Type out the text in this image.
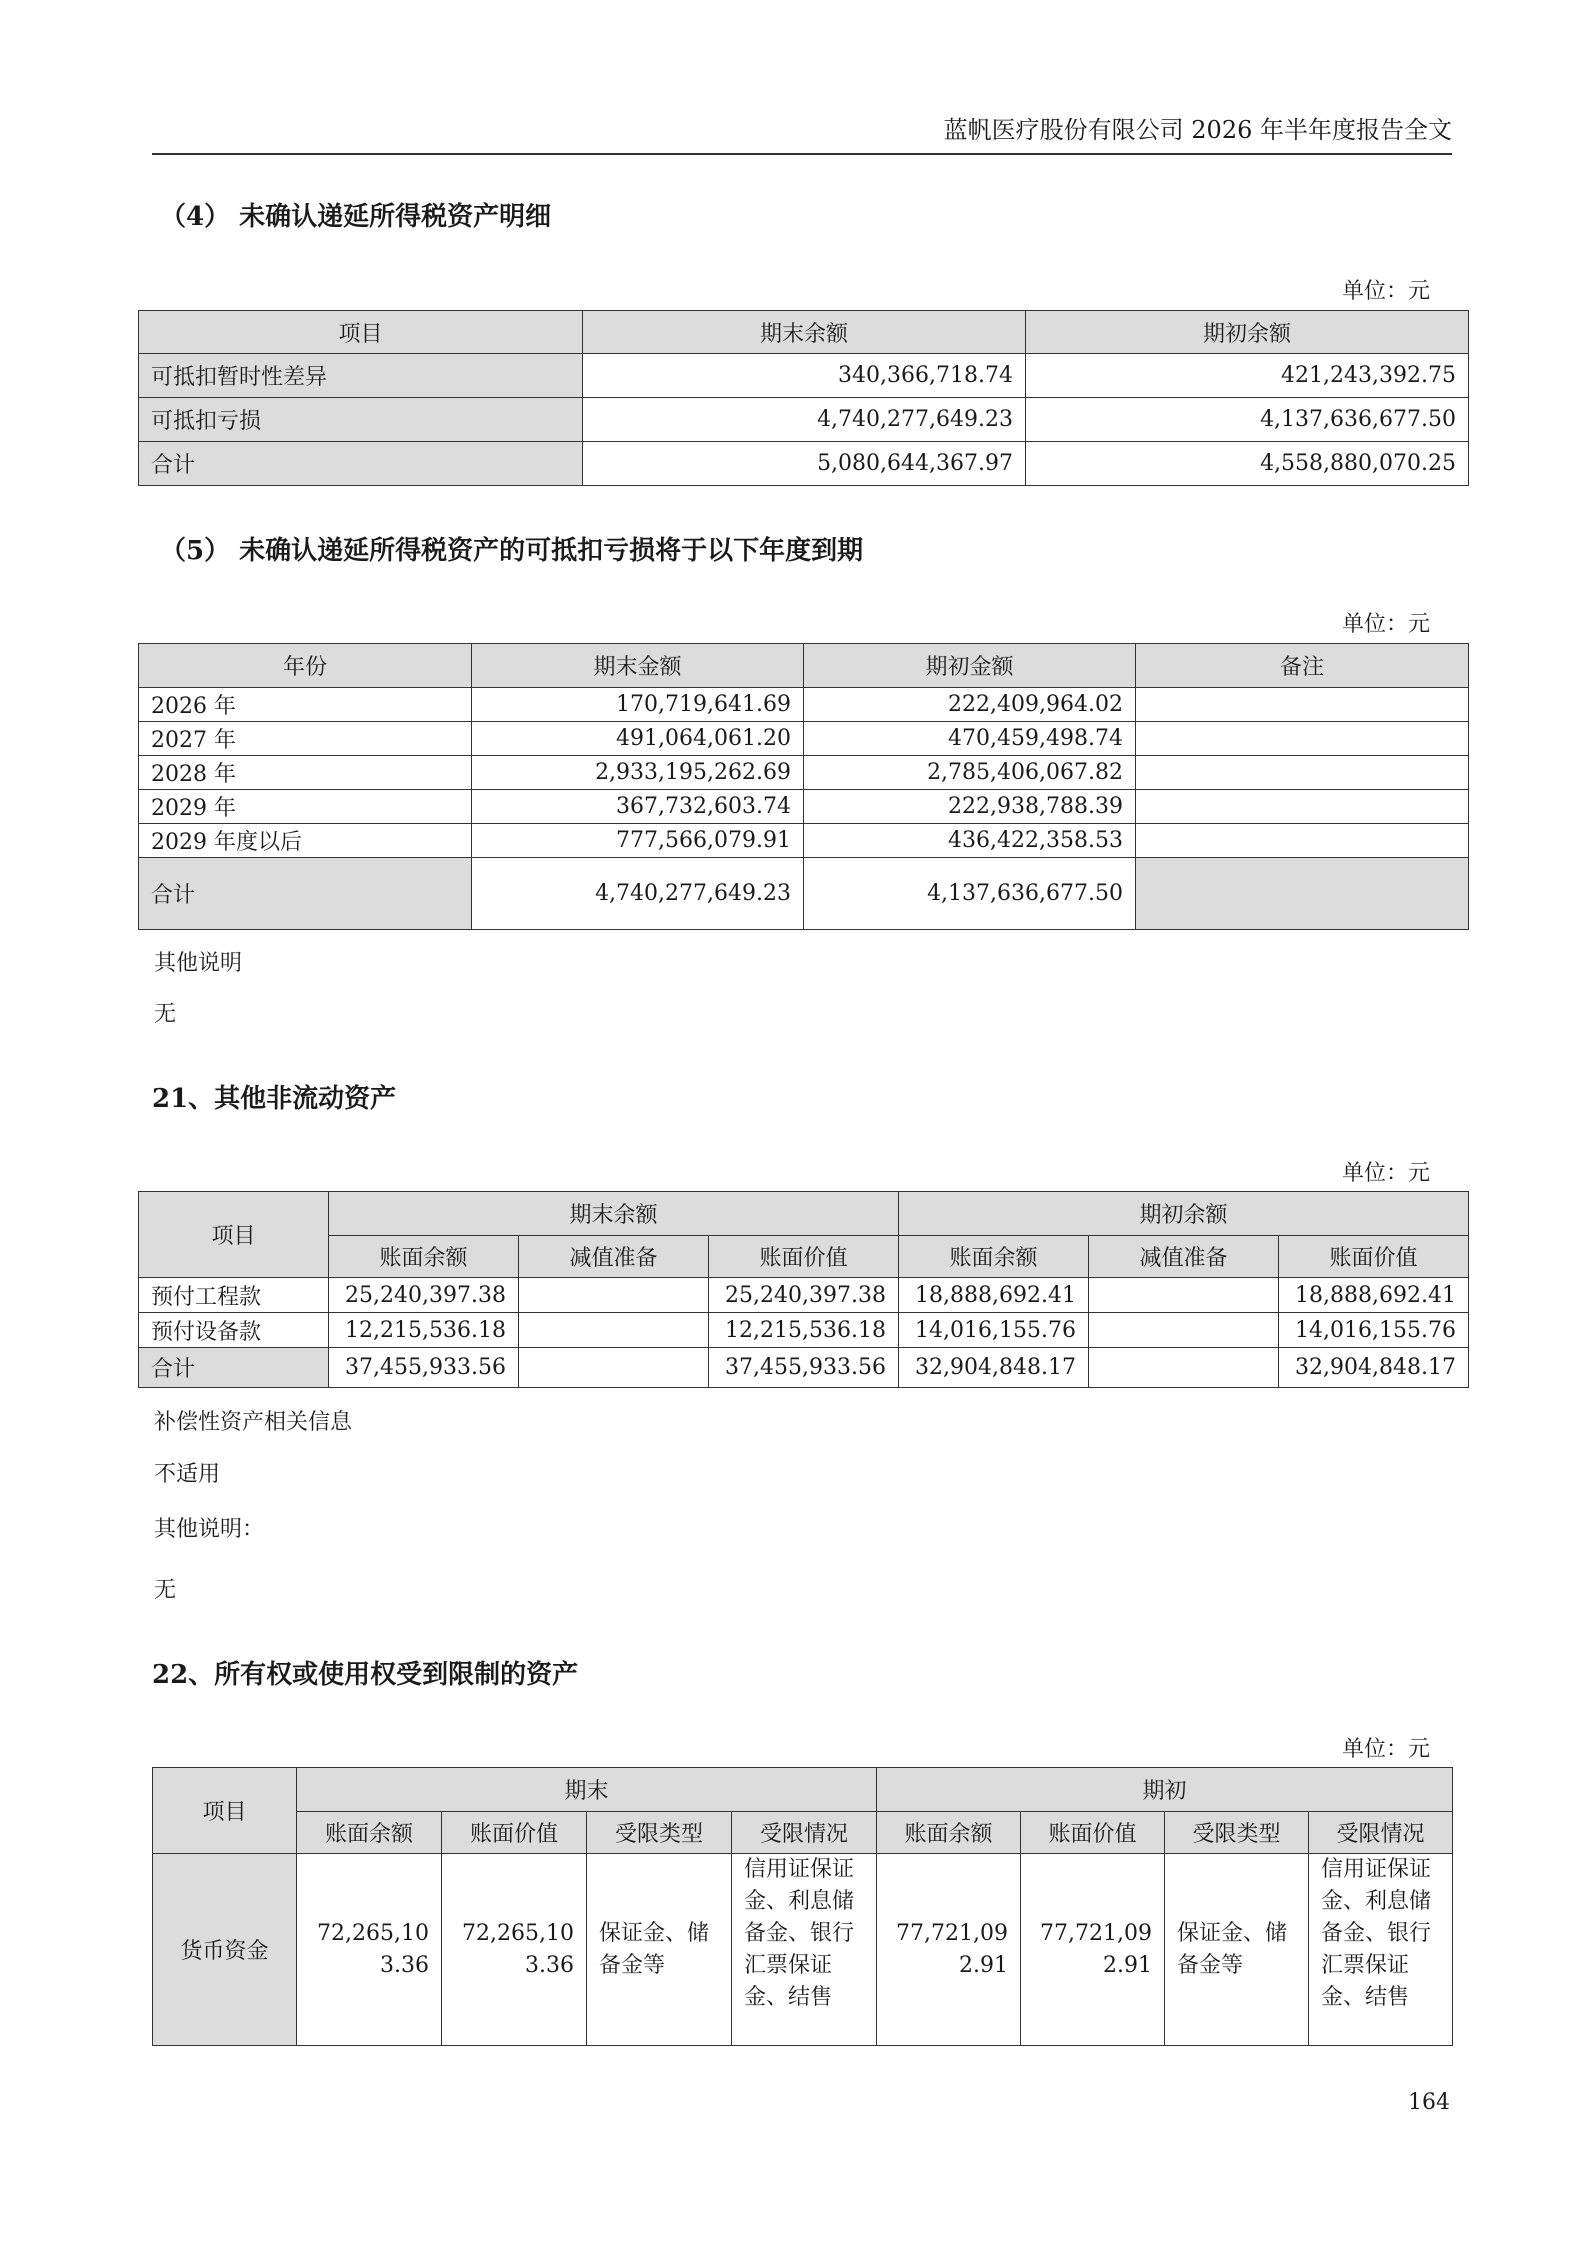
蓝帆医疗股份有限公司 2026 年半年度报告全文
（4） 未确认递延所得税资产明细
单位：元
项目	期末余额	期初余额
可抵扣暂时性差异	340,366,718.74	421,243,392.75
可抵扣亏损	4,740,277,649.23	4,137,636,677.50
合计	5,080,644,367.97	4,558,880,070.25
（5） 未确认递延所得税资产的可抵扣亏损将于以下年度到期
单位：元
年份	期末金额	期初金额	备注
2026 年	170,719,641.69	222,409,964.02	
2027 年	491,064,061.20	470,459,498.74	
2028 年	2,933,195,262.69	2,785,406,067.82	
2029 年	367,732,603.74	222,938,788.39	
2029 年度以后	777,566,079.91	436,422,358.53	
合计	4,740,277,649.23	4,137,636,677.50	
其他说明
无
21、其他非流动资产
单位：元
项目	期末余额			期初余额		
	账面余额	减值准备	账面价值	账面余额	减值准备	账面价值
预付工程款	25,240,397.38		25,240,397.38	18,888,692.41		18,888,692.41
预付设备款	12,215,536.18		12,215,536.18	14,016,155.76		14,016,155.76
合计	37,455,933.56		37,455,933.56	32,904,848.17		32,904,848.17
补偿性资产相关信息
不适用
其他说明：
无
22、所有权或使用权受到限制的资产
单位：元
项目	期末				期初			
	账面余额	账面价值	受限类型	受限情况	账面余额	账面价值	受限类型	受限情况
货币资金	72,265,103.36	72,265,103.36	保证金、储备金等	信用证保证金、利息储备金、银行汇票保证金、结售	77,721,092.91	77,721,092.91	保证金、储备金等	信用证保证金、利息储备金、银行汇票保证金、结售
164
